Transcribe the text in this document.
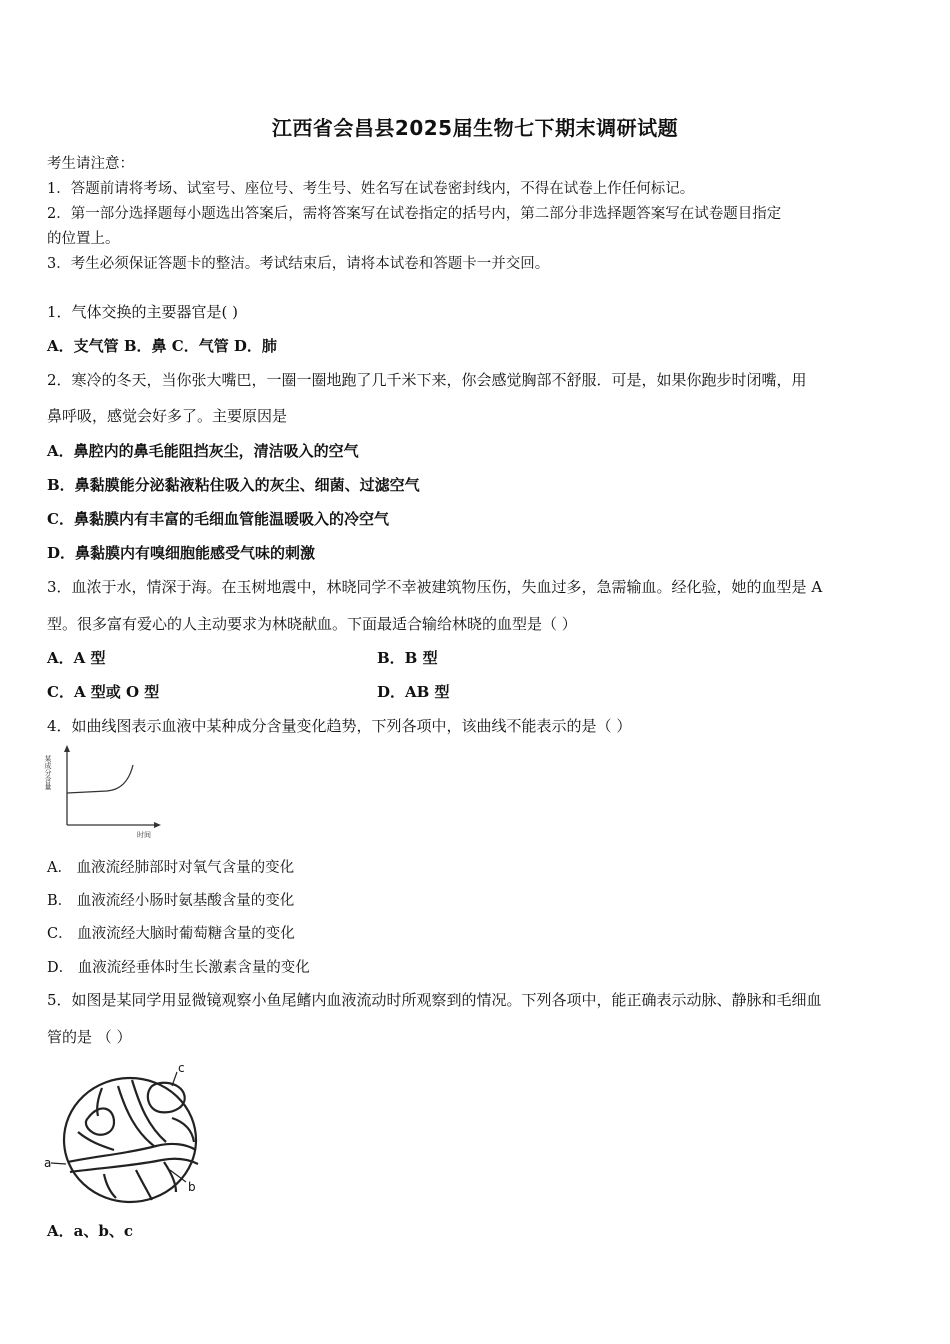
江西省会昌县2025届生物七下期末调研试题
考生请注意：
1．答题前请将考场、试室号、座位号、考生号、姓名写在试卷密封线内，不得在试卷上作任何标记。
2．第一部分选择题每小题选出答案后，需将答案写在试卷指定的括号内，第二部分非选择题答案写在试卷题目指定
的位置上。
3．考生必须保证答题卡的整洁。考试结束后，请将本试卷和答题卡一并交回。
1．气体交换的主要器官是( )
A．支气管 B．鼻 C．气管 D．肺
2．寒冷的冬天，当你张大嘴巴，一圈一圈地跑了几千米下来，你会感觉胸部不舒服．可是，如果你跑步时闭嘴，用
鼻呼吸，感觉会好多了。主要原因是
A．鼻腔内的鼻毛能阻挡灰尘，清洁吸入的空气
B．鼻黏膜能分泌黏液粘住吸入的灰尘、细菌、过滤空气
C．鼻黏膜内有丰富的毛细血管能温暖吸入的冷空气
D．鼻黏膜内有嗅细胞能感受气味的刺激
3．血浓于水，情深于海。在玉树地震中，林晓同学不幸被建筑物压伤，失血过多，急需输血。经化验，她的血型是 A
型。很多富有爱心的人主动要求为林晓献血。下面最适合输给林晓的血型是（ ）
A．A 型	B．B 型
C．A 型或 O 型	D．AB 型
4．如曲线图表示血液中某种成分含量变化趋势，下列各项中，该曲线不能表示的是（ ）
某成分含量
时间
A． 血液流经肺部时对氧气含量的变化
B． 血液流经小肠时氨基酸含量的变化
C． 血液流经大脑时葡萄糖含量的变化
D． 血液流经垂体时生长激素含量的变化
5．如图是某同学用显微镜观察小鱼尾鳍内血液流动时所观察到的情况。下列各项中，能正确表示动脉、静脉和毛细血
管的是 （ ）
a
c
b
A．a、b、c
